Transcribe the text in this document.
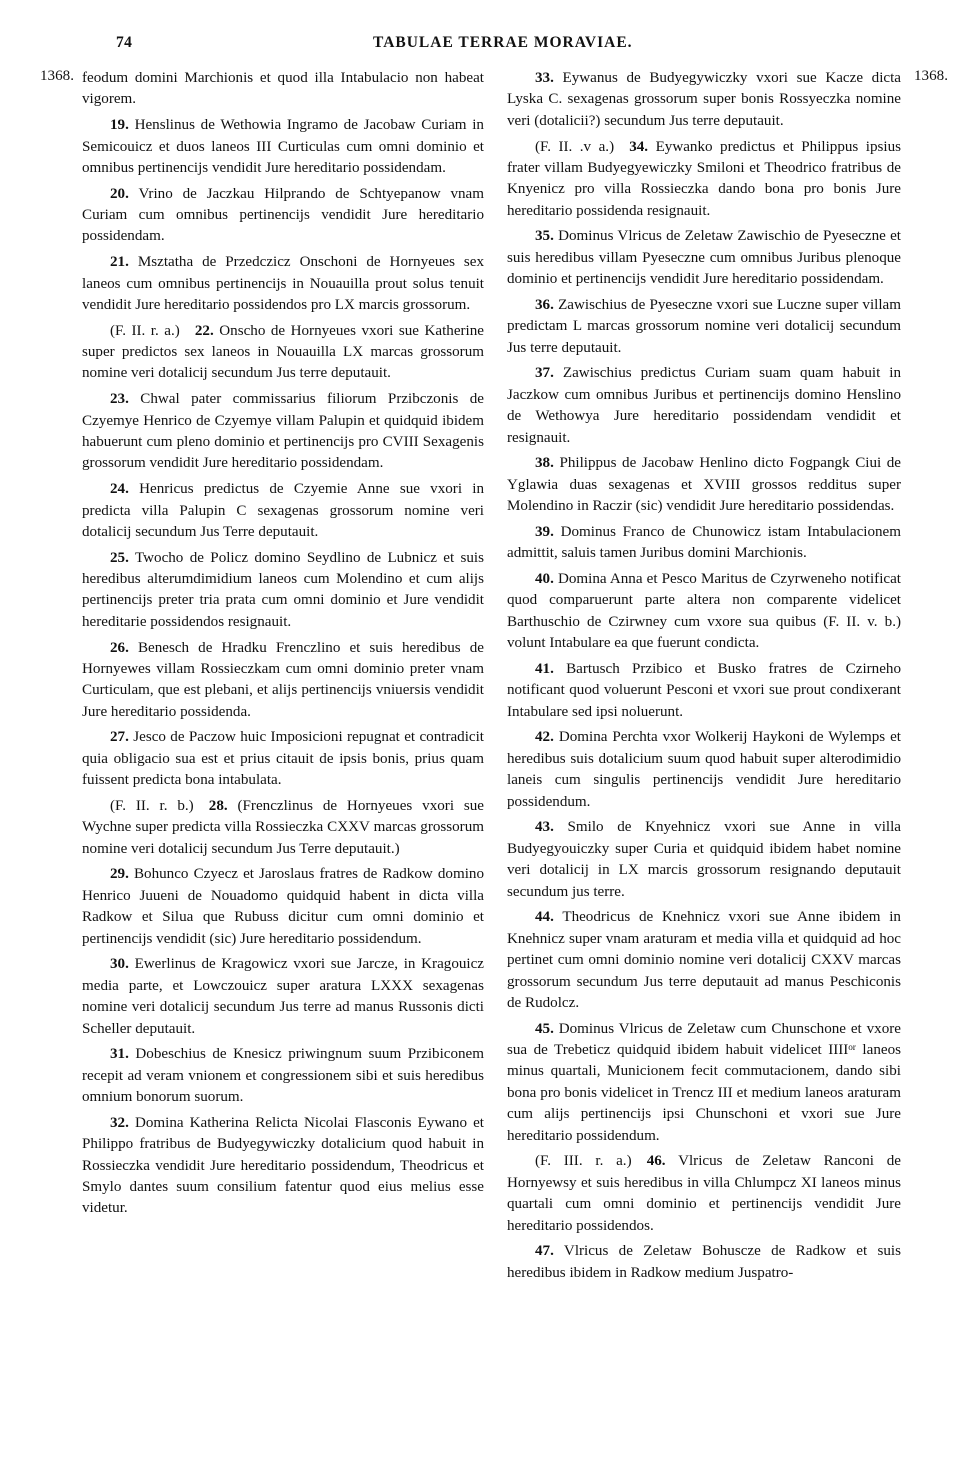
74	TABULAE TERRAE MORAVIAE.
1368.	1368.

feodum domini Marchionis et quod illa Intabulacio non habeat vigorem.

19. Henslinus de Wethowia Ingramo de Jacobaw Curiam in Semicouicz et duos laneos III Curticulas cum omni dominio et omnibus pertinencijs vendidit Jure hereditario possidendam.

20. Vrino de Jaczkau Hilprando de Schtyepanow vnam Curiam cum omnibus pertinencijs vendidit Jure hereditario possidendam.

21. Msztatha de Przedczicz Onschoni de Hornyeues sex laneos cum omnibus pertinencijs in Nouauilla prout solus tenuit vendidit Jure hereditario possidendos pro LX marcis grossorum.

(F. II. r. a.)  22. Onscho de Hornyeues vxori sue Katherine super predictos sex laneos in Nouauilla LX marcas grossorum nomine veri dotalicij secundum Jus terre deputauit.

23. Chwal pater commissarius filiorum Przibczonis de Czyemye Henrico de Czyemye villam Palupin et quidquid ibidem habuerunt cum pleno dominio et pertinencijs pro CVIII Sexagenis grossorum vendidit Jure hereditario possidendam.

24. Henricus predictus de Czyemie Anne sue vxori in predicta villa Palupin C sexagenas grossorum nomine veri dotalicij secundum Jus Terre deputauit.

25. Twocho de Policz domino Seydlino de Lubnicz et suis heredibus alterumdimidium laneos cum Molendino et cum alijs pertinencijs preter tria prata cum omni dominio et Jure vendidit hereditarie possidendos resignauit.

26. Benesch de Hradku Frenczlino et suis heredibus de Hornyewes villam Rossieczkam cum omni dominio preter vnam Curticulam, que est plebani, et alijs pertinencijs vniuersis vendidit Jure hereditario possidenda.

27. Jesco de Paczow huic Imposicioni repugnat et contradicit quia obligacio sua est et prius citauit de ipsis bonis, prius quam fuissent predicta bona intabulata.

(F. II. r. b.)  28. (Frenczlinus de Hornyeues vxori sue Wychne super predicta villa Rossieczka CXXV marcas grossorum nomine veri dotalicij secundum Jus Terre deputauit.)

29. Bohunco Czyecz et Jaroslaus fratres de Radkow domino Henrico Juueni de Nouadomo quidquid habent in dicta villa Radkow et Silua que Rubuss dicitur cum omni dominio et pertinencijs vendidit (sic) Jure hereditario possidendum.

30. Ewerlinus de Kragowicz vxori sue Jarcze, in Kragouicz media parte, et Lowczouicz super aratura LXXX sexagenas nomine veri dotalicij secundum Jus terre ad manus Russonis dicti Scheller deputauit.

31. Dobeschius de Knesicz priwingnum suum Przibiconem recepit ad veram vnionem et congressionem sibi et suis heredibus omnium bonorum suorum.

32. Domina Katherina Relicta Nicolai Flasconis Eywano et Philippo fratribus de Budyegywiczky dotalicium quod habuit in Rossieczka vendidit Jure hereditario possidendum, Theodricus et Smylo dantes suum consilium fatentur quod eius melius esse videtur.

33. Eywanus de Budyegywiczky vxori sue Kacze dicta Lyska C. sexagenas grossorum super bonis Rossyeczka nomine veri (dotalicii?) secundum Jus terre deputauit.

(F. II. .v a.)  34. Eywanko predictus et Philippus ipsius frater villam Budyegyewiczky Smiloni et Theodrico fratribus de Knyenicz pro villa Rossieczka dando bona pro bonis Jure hereditario possidenda resignauit.

35. Dominus Vlricus de Zeletaw Zawischio de Pyeseczne et suis heredibus villam Pyeseczne cum omnibus Juribus plenoque dominio et pertinencijs vendidit Jure hereditario possidendam.

36. Zawischius de Pyeseczne vxori sue Luczne super villam predictam L marcas grossorum nomine veri dotalicij secundum Jus terre deputauit.

37. Zawischius predictus Curiam suam quam habuit in Jaczkow cum omnibus Juribus et pertinencijs domino Henslino de Wethowya Jure hereditario possidendam vendidit et resignauit.

38. Philippus de Jacobaw Henlino dicto Fogpangk Ciui de Yglawia duas sexagenas et XVIII grossos redditus super Molendino in Raczir (sic) vendidit Jure hereditario possidendas.

39. Dominus Franco de Chunowicz istam Intabulacionem admittit, saluis tamen Juribus domini Marchionis.

40. Domina Anna et Pesco Maritus de Czyrweneho notificat quod comparuerunt parte altera non comparente videlicet Barthuschio de Czirwney cum vxore sua quibus (F. II. v. b.) volunt Intabulare ea que fuerunt condicta.

41. Bartusch Przibico et Busko fratres de Czirneho notificant quod voluerunt Pesconi et vxori sue prout condixerant Intabulare sed ipsi noluerunt.

42. Domina Perchta vxor Wolkerij Haykoni de Wylemps et heredibus suis dotalicium suum quod habuit super alterodimidio laneis cum singulis pertinencijs vendidit Jure hereditario possidendum.

43. Smilo de Knyehnicz vxori sue Anne in villa Budyegyouiczky super Curia et quidquid ibidem habet nomine veri dotalicij in LX marcis grossorum resignando deputauit secundum jus terre.

44. Theodricus de Knehnicz vxori sue Anne ibidem in Knehnicz super vnam araturam et media villa et quidquid ad hoc pertinet cum omni dominio nomine veri dotalicij CXXV marcas grossorum secundum Jus terre deputauit ad manus Peschiconis de Rudolcz.

45. Dominus Vlricus de Zeletaw cum Chunschone et vxore sua de Trebeticz quidquid ibidem habuit videlicet IIIIᵒʳ laneos minus quartali, Municionem fecit commutacionem, dando sibi bona pro bonis videlicet in Trencz III et medium laneos araturam cum alijs pertinencijs ipsi Chunschoni et vxori sue Jure hereditario possidendum.

(F. III. r. a.)  46. Vlricus de Zeletaw Ranconi de Hornyewsy et suis heredibus in villa Chlumpcz XI laneos minus quartali cum omni dominio et pertinencijs vendidit Jure hereditario possidendos.

47. Vlricus de Zeletaw Bohuscze de Radkow et suis heredibus ibidem in Radkow medium Juspatro-
